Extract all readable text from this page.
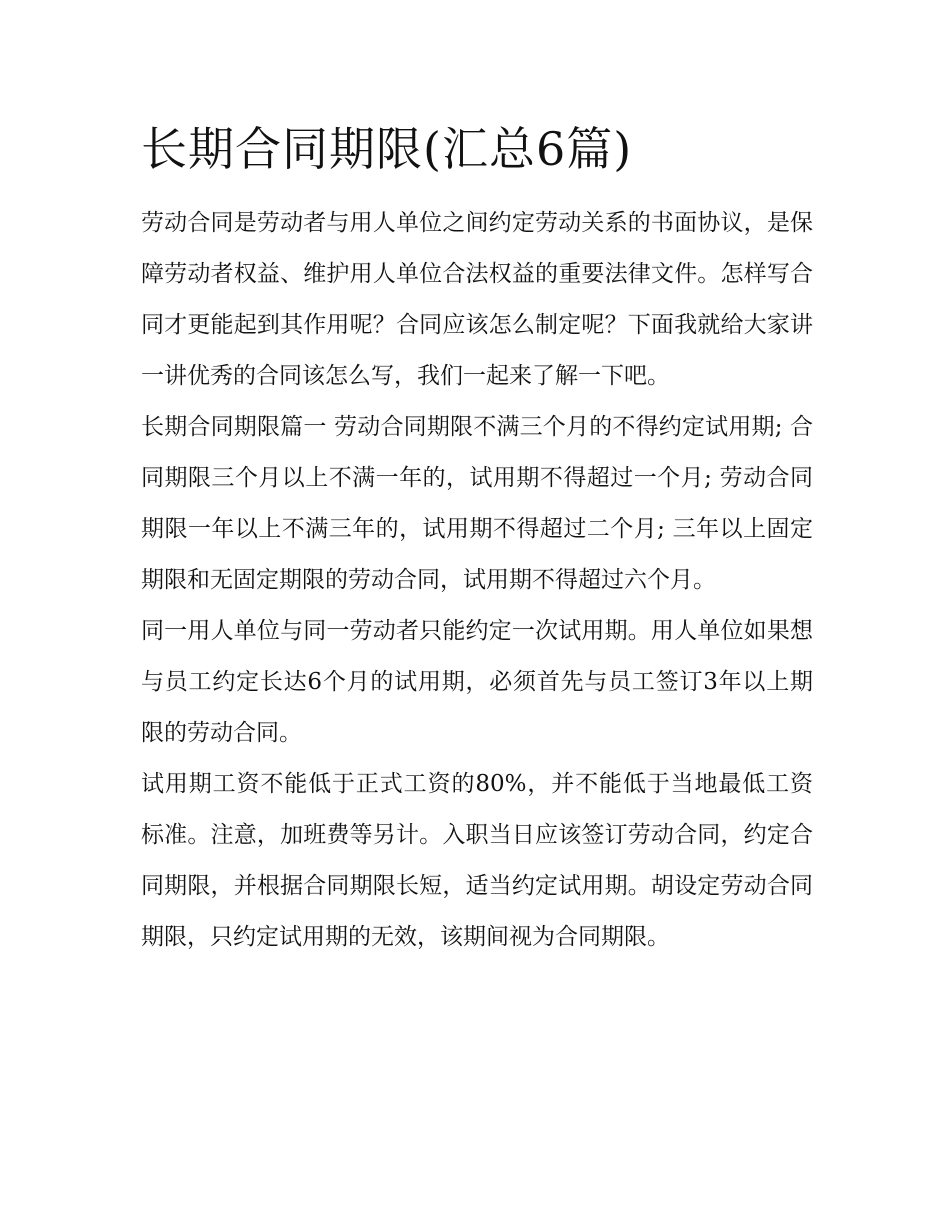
长期合同期限(汇总6篇)

劳动合同是劳动者与用人单位之间约定劳动关系的书面协议，是保障劳动者权益、维护用人单位合法权益的重要法律文件。怎样写合同才更能起到其作用呢？合同应该怎么制定呢？下面我就给大家讲一讲优秀的合同该怎么写，我们一起来了解一下吧。

长期合同期限篇一 劳动合同期限不满三个月的不得约定试用期; 合同期限三个月以上不满一年的，试用期不得超过一个月; 劳动合同期限一年以上不满三年的，试用期不得超过二个月; 三年以上固定期限和无固定期限的劳动合同，试用期不得超过六个月。

同一用人单位与同一劳动者只能约定一次试用期。用人单位如果想与员工约定长达6个月的试用期，必须首先与员工签订3年以上期限的劳动合同。

试用期工资不能低于正式工资的80%，并不能低于当地最低工资标准。注意，加班费等另计。入职当日应该签订劳动合同，约定合同期限，并根据合同期限长短，适当约定试用期。胡设定劳动合同期限，只约定试用期的无效，该期间视为合同期限。
